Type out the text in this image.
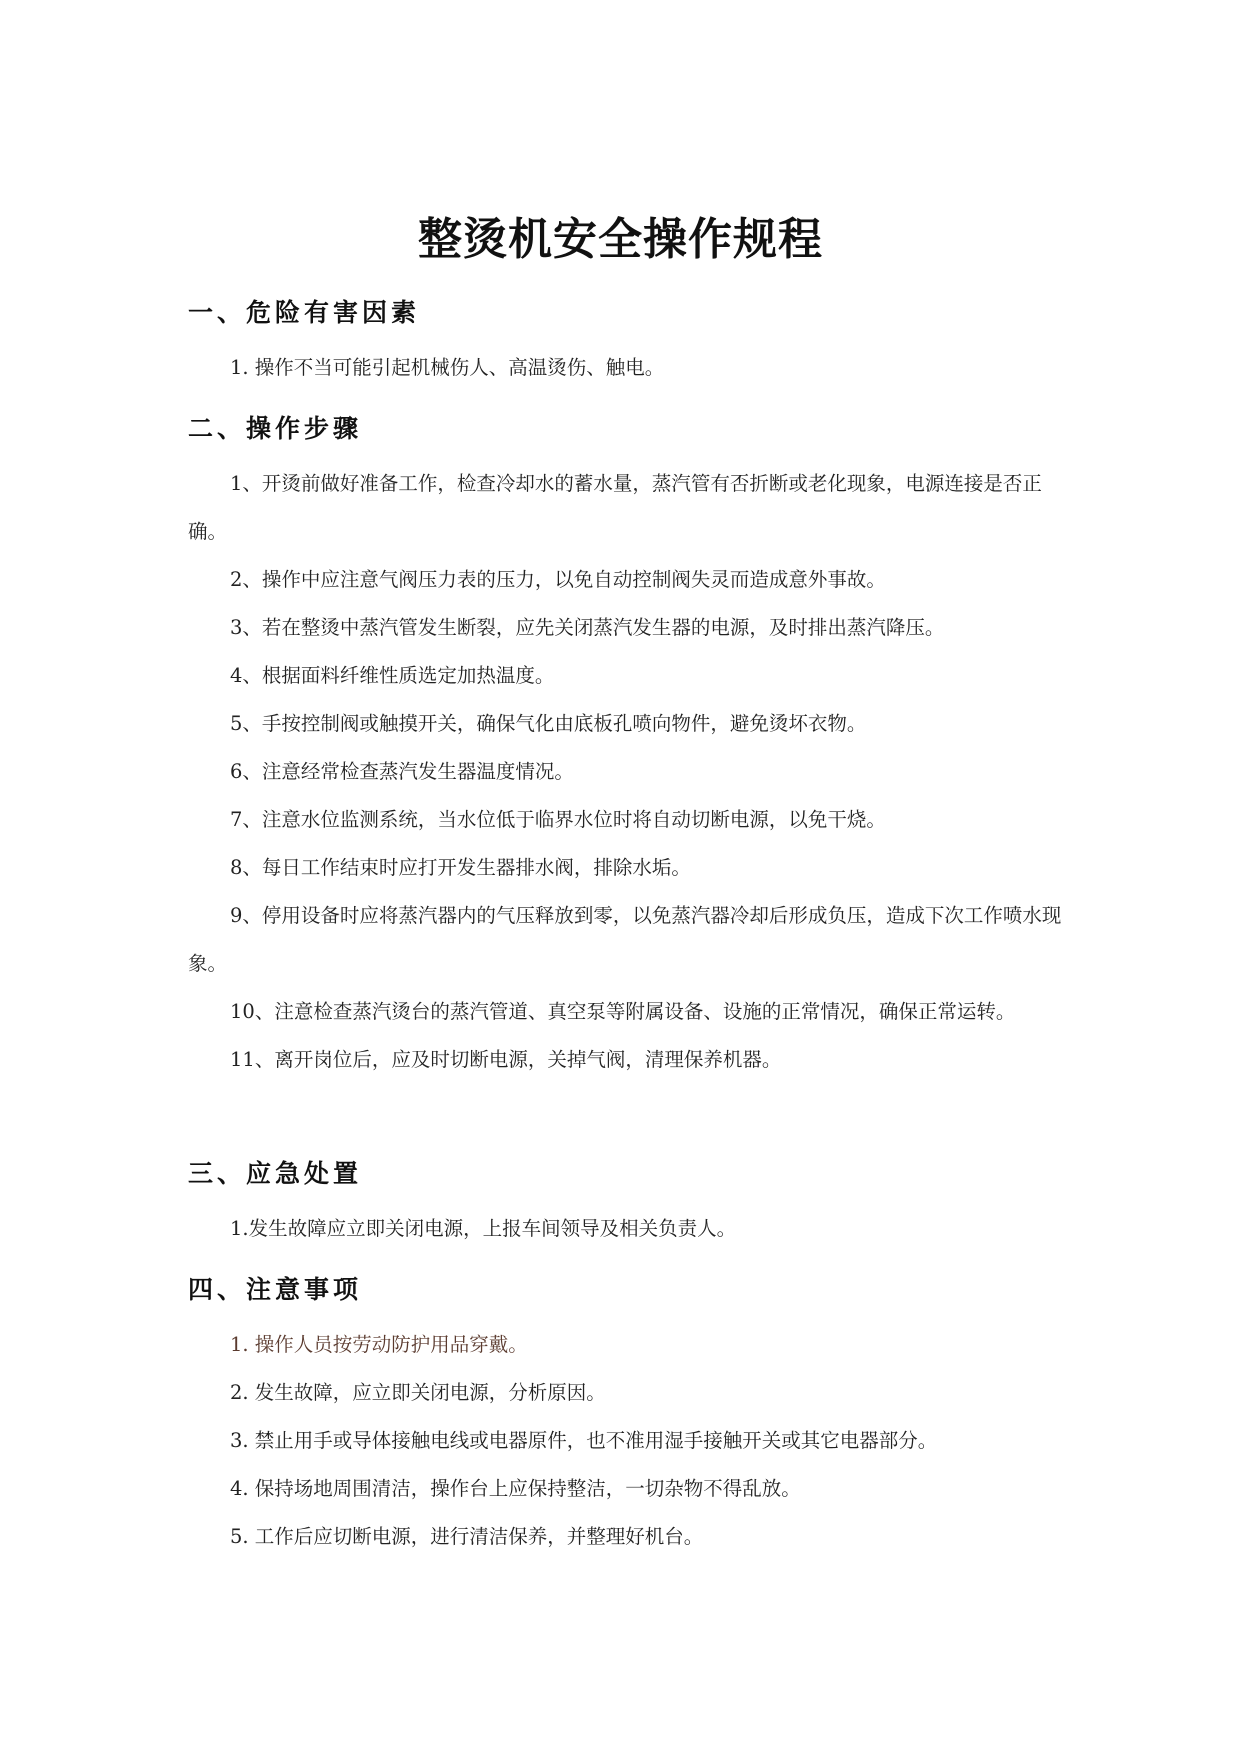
整烫机安全操作规程
一、危险有害因素
1. 操作不当可能引起机械伤人、高温烫伤、触电。
二、操作步骤
1、开烫前做好准备工作，检查冷却水的蓄水量，蒸汽管有否折断或老化现象，电源连接是否正确。
2、操作中应注意气阀压力表的压力，以免自动控制阀失灵而造成意外事故。
3、若在整烫中蒸汽管发生断裂，应先关闭蒸汽发生器的电源，及时排出蒸汽降压。
4、根据面料纤维性质选定加热温度。
5、手按控制阀或触摸开关，确保气化由底板孔喷向物件，避免烫坏衣物。
6、注意经常检查蒸汽发生器温度情况。
7、注意水位监测系统，当水位低于临界水位时将自动切断电源，以免干烧。
8、每日工作结束时应打开发生器排水阀，排除水垢。
9、停用设备时应将蒸汽器内的气压释放到零，以免蒸汽器冷却后形成负压，造成下次工作喷水现象。
10、注意检查蒸汽烫台的蒸汽管道、真空泵等附属设备、设施的正常情况，确保正常运转。
11、离开岗位后，应及时切断电源，关掉气阀，清理保养机器。
三、应急处置
1.发生故障应立即关闭电源，上报车间领导及相关负责人。
四、注意事项
1. 操作人员按劳动防护用品穿戴。
2. 发生故障，应立即关闭电源，分析原因。
3. 禁止用手或导体接触电线或电器原件，也不准用湿手接触开关或其它电器部分。
4. 保持场地周围清洁，操作台上应保持整洁，一切杂物不得乱放。
5. 工作后应切断电源，进行清洁保养，并整理好机台。
